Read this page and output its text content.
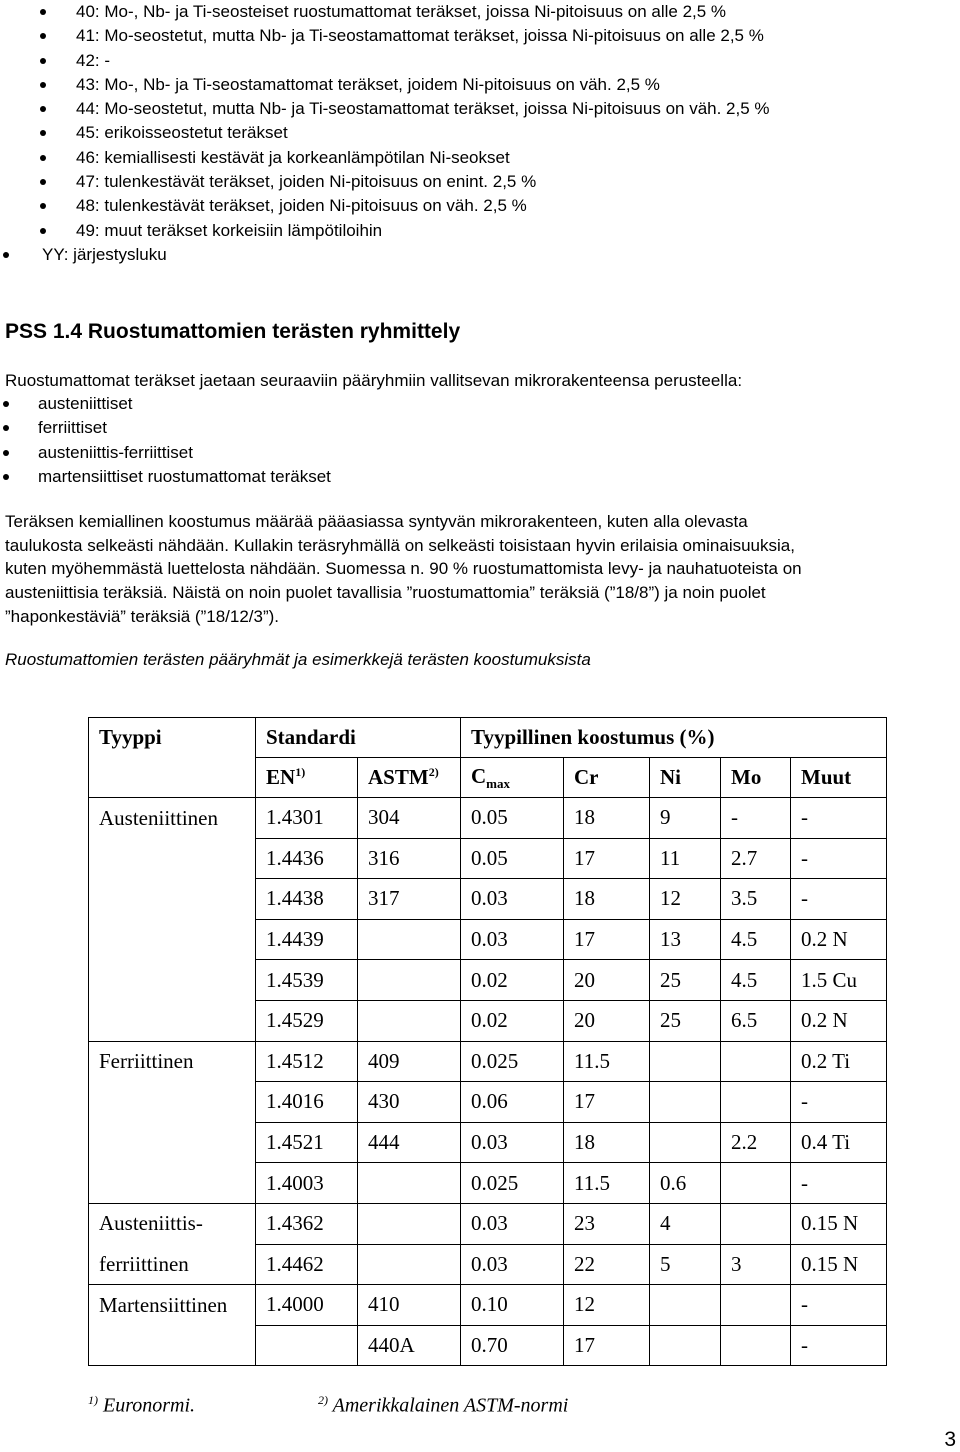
40: Mo-, Nb- ja Ti-seosteiset ruostumattomat teräkset, joissa Ni-pitoisuus on alle 2,5 %
41: Mo-seostetut, mutta Nb- ja Ti-seostamattomat teräkset, joissa Ni-pitoisuus on alle 2,5 %
42: -
43: Mo-, Nb- ja Ti-seostamattomat teräkset, joidem Ni-pitoisuus on väh. 2,5 %
44: Mo-seostetut, mutta Nb- ja Ti-seostamattomat teräkset, joissa Ni-pitoisuus on väh. 2,5 %
45: erikoisseostetut teräkset
46: kemiallisesti kestävät ja korkeanlämpötilan Ni-seokset
47: tulenkestävät teräkset, joiden Ni-pitoisuus on enint. 2,5 %
48: tulenkestävät teräkset, joiden Ni-pitoisuus on väh. 2,5 %
49: muut teräkset korkeisiin lämpötiloihin
YY: järjestysluku
PSS 1.4 Ruostumattomien terästen ryhmittely

Ruostumattomat teräkset jaetaan seuraaviin pääryhmiin vallitsevan mikrorakenteensa perusteella:

austeniittiset
ferriittiset
austeniittis-ferriittiset
martensiittiset ruostumattomat teräkset
Teräksen kemiallinen koostumus määrää pääasiassa syntyvän mikrorakenteen, kuten alla olevasta
taulukosta selkeästi nähdään. Kullakin teräsryhmällä on selkeästi toisistaan hyvin erilaisia ominaisuuksia,
kuten myöhemmästä luettelosta nähdään. Suomessa n. 90 % ruostumattomista levy- ja nauhatuoteista on
austeniittisia teräksiä. Näistä on noin puolet tavallisia ”ruostumattomia” teräksiä (”18/8”) ja noin puolet
”haponkestäviä” teräksiä (”18/12/3”).

Ruostumattomien terästen pääryhmät ja esimerkkejä terästen koostumuksista

Tyyppi	Standardi		Tyypillinen koostumus (%)				
	EN$^{1)}$	ASTM$^{2)}$	$C_{max}$	Cr	Ni	Mo	Muut
Austeniittinen	1.4301	304	0.05	18	9	-	-
	1.4436	316	0.05	17	11	2.7	-
	1.4438	317	0.03	18	12	3.5	-
	1.4439		0.03	17	13	4.5	0.2 N
	1.4539		0.02	20	25	4.5	1.5 Cu
	1.4529		0.02	20	25	6.5	0.2 N
Ferriittinen	1.4512	409	0.025	11.5			0.2 Ti
	1.4016	430	0.06	17			-
	1.4521	444	0.03	18		2.2	0.4 Ti
	1.4003		0.025	11.5	0.6		-
Austeniittis-	1.4362		0.03	23	4		0.15 N
ferriittinen	1.4462		0.03	22	5	3	0.15 N
Martensiittinen	1.4000	410	0.10	12			-
		440A	0.70	17			-
$^{1)}$ Euronormi.	$^{2)}$ Amerikkalainen ASTM-normi
3
